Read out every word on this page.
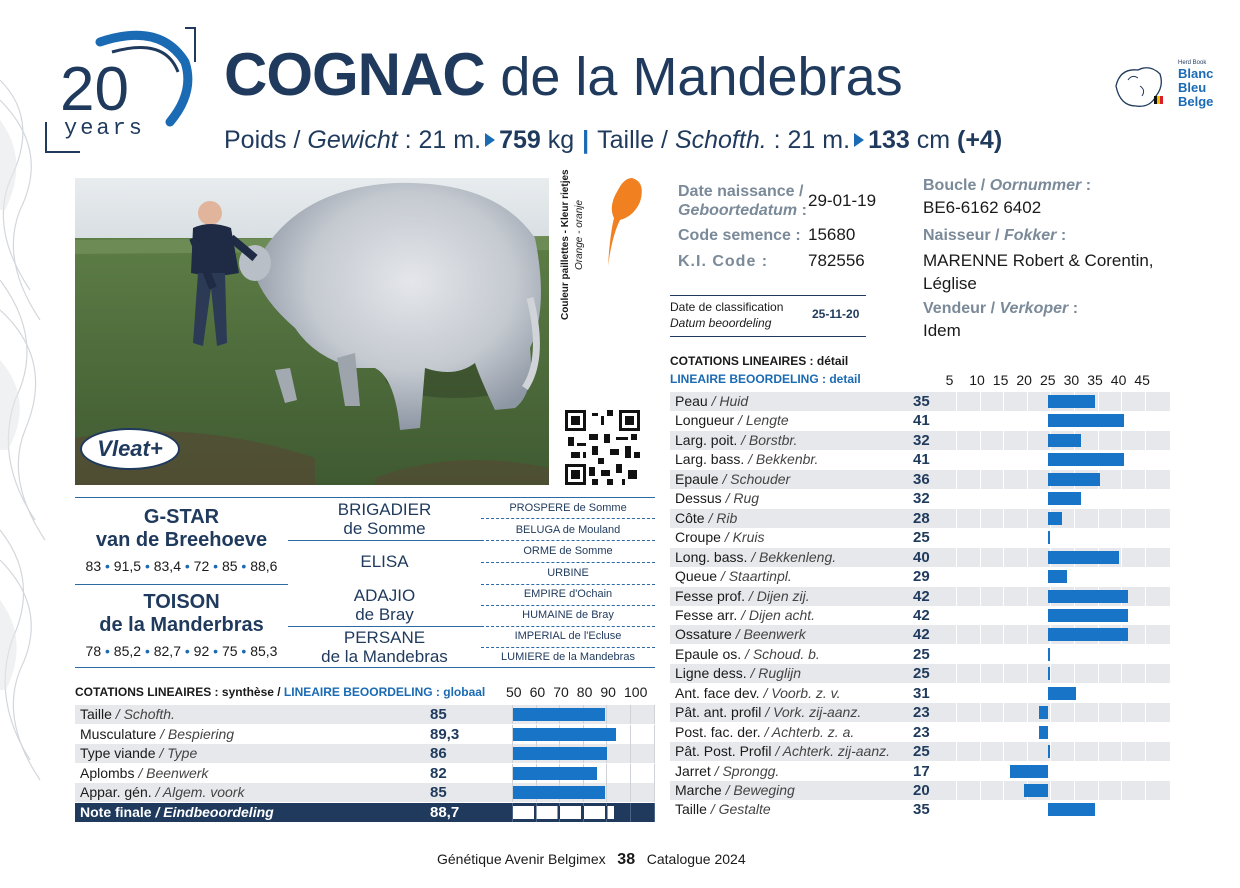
20
years
COGNAC de la Mandebras
Poids / Gewicht : 21 m. 759 kg | Taille / Schofth. : 21 m. 133 cm (+4)
Herd Book
Blanc
Bleu
Belge
Vleat+
Couleur paillettes - Kleur rietjes Orange - oranje
Date naissance /
Geboortedatum :
29-01-19
Code semence : 15680
K.I. Code : 782556
Date de classification
Datum beoordeling
25-11-20
Boucle / Oornummer :
BE6-6162 6402
Naisseur / Fokker :
MARENNE Robert & Corentin,
Léglise
Vendeur / Verkoper :
Idem
G-STAR
van de Breehoeve
83 • 91,5 • 83,4 • 72 • 85 • 88,6
TOISON
de la Manderbras
78 • 85,2 • 82,7 • 92 • 75 • 85,3
BRIGADIER
de Somme
ELISA
ADAJIO
de Bray
PERSANE
de la Mandebras
PROSPERE de Somme
BELUGA de Mouland
ORME de Somme
URBINE
EMPIRE d'Ochain
HUMAINE de Bray
IMPERIAL de l'Ecluse
LUMIERE de la Mandebras
COTATIONS LINEAIRES : synthèse / LINEAIRE BEOORDELING : globaal 50 60 70 80 90 100
Taille / Schofth.	85
Musculature / Bespiering	89,3
Type viande / Type	86
Aplombs / Beenwerk	82
Appar. gén. / Algem. voork	85
Note finale / Eindbeoordeling	88,7
COTATIONS LINEAIRES : détail
LINEAIRE BEOORDELING : detail	5 10 15 20 25 30 35 40 45
Peau / Huid	35
Longueur / Lengte	41
Larg. poit. / Borstbr.	32
Larg. bass. / Bekkenbr.	41
Epaule / Schouder	36
Dessus / Rug	32
Côte / Rib	28
Croupe / Kruis	25
Long. bass. / Bekkenleng.	40
Queue / Staartinpl.	29
Fesse prof. / Dijen zij.	42
Fesse arr. / Dijen acht.	42
Ossature / Beenwerk	42
Epaule os. / Schoud. b.	25
Ligne dess. / Ruglijn	25
Ant. face dev. / Voorb. z. v.	31
Pât. ant. profil / Vork. zij-aanz.	23
Post. fac. der. / Achterb. z. a.	23
Pât. Post. Profil / Achterk. zij-aanz. 25
Jarret / Sprongg.	17
Marche / Beweging	20
Taille / Gestalte	35
Génétique Avenir Belgimex 38 Catalogue 2024
